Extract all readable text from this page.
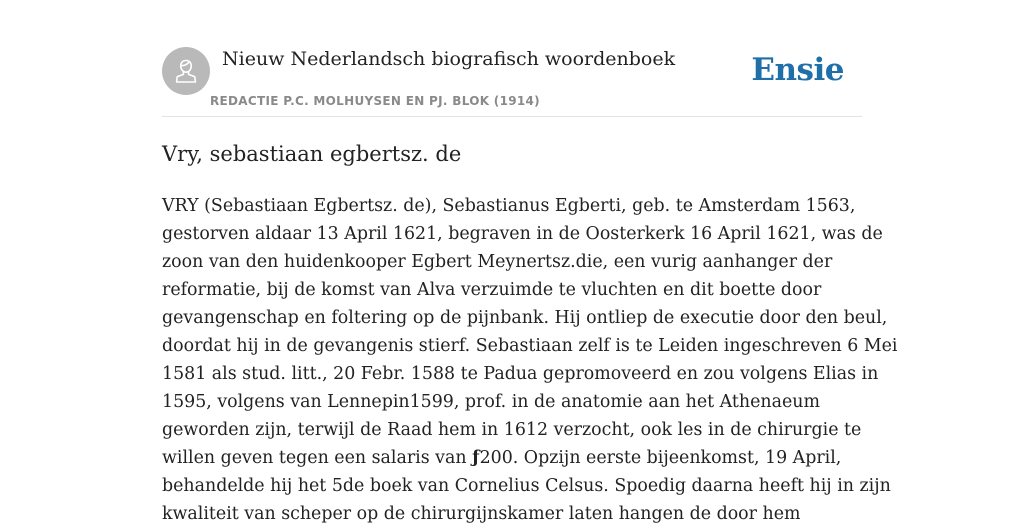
Nieuw Nederlandsch biografisch woordenboek
REDACTIE P.C. MOLHUYSEN EN PJ. BLOK (1914)
Ensie
Vry, sebastiaan egbertsz. de
VRY (Sebastiaan Egbertsz. de), Sebastianus Egberti, geb. te Amsterdam 1563,
gestorven aldaar 13 April 1621, begraven in de Oosterkerk 16 April 1621, was de
zoon van den huidenkooper Egbert Meynertsz.die, een vurig aanhanger der
reformatie, bij de komst van Alva verzuimde te vluchten en dit boette door
gevangenschap en foltering op de pijnbank. Hij ontliep de executie door den beul,
doordat hij in de gevangenis stierf. Sebastiaan zelf is te Leiden ingeschreven 6 Mei
1581 als stud. litt., 20 Febr. 1588 te Padua gepromoveerd en zou volgens Elias in
1595, volgens van Lennepin1599, prof. in de anatomie aan het Athenaeum
geworden zijn, terwijl de Raad hem in 1612 verzocht, ook les in de chirurgie te
willen geven tegen een salaris van ƒ200. Opzijn eerste bijeenkomst, 19 April,
behandelde hij het 5de boek van Cornelius Celsus. Spoedig daarna heeft hij in zijn
kwaliteit van scheper op de chirurgijnskamer laten hangen de door hem
